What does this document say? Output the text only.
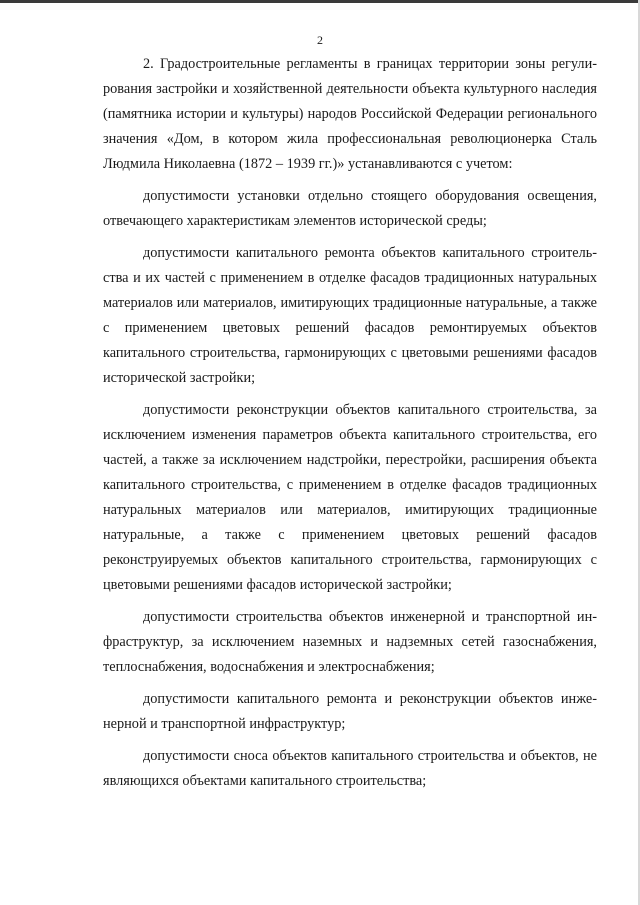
2

2. Градостроительные регламенты в границах территории зоны регулирования застройки и хозяйственной деятельности объекта культурного наследия (памятника истории и культуры) народов Российской Федерации регионального значения «Дом, в котором жила профессиональная революционерка Сталь Людмила Николаевна (1872 – 1939 гг.)» устанавливаются с учетом:

допустимости установки отдельно стоящего оборудования освещения, отвечающего характеристикам элементов исторической среды;

допустимости капитального ремонта объектов капитального строительства и их частей с применением в отделке фасадов традиционных натуральных материалов или материалов, имитирующих традиционные натуральные, а также с применением цветовых решений фасадов ремонтируемых объектов капитального строительства, гармонирующих с цветовыми решениями фасадов исторической застройки;

допустимости реконструкции объектов капитального строительства, за исключением изменения параметров объекта капитального строительства, его частей, а также за исключением надстройки, перестройки, расширения объекта капитального строительства, с применением в отделке фасадов традиционных натуральных материалов или материалов, имитирующих традиционные натуральные, а также с применением цветовых решений фасадов реконструируемых объектов капитального строительства, гармонирующих с цветовыми решениями фасадов исторической застройки;

допустимости строительства объектов инженерной и транспортной инфраструктур, за исключением наземных и надземных сетей газоснабжения, теплоснабжения, водоснабжения и электроснабжения;

допустимости капитального ремонта и реконструкции объектов инженерной и транспортной инфраструктур;

допустимости сноса объектов капитального строительства и объектов, не являющихся объектами капитального строительства;
